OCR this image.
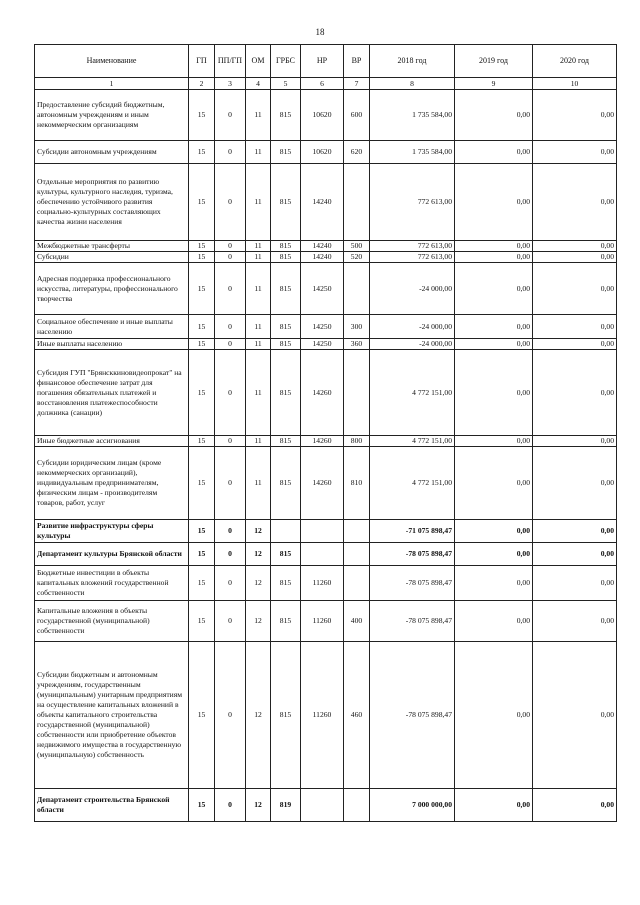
18
Наименование	ГП	ПП/ГП	ОМ	ГРБС	НР	ВР	2018 год	2019 год	2020 год
1	2	3	4	5	6	7	8	9	10
Предоставление субсидий бюджетным, автономным учреждениям и иным некоммерческим организациям	15	0	11	815	10620	600	1 735 584,00	0,00	0,00
Субсидии автономным учреждениям	15	0	11	815	10620	620	1 735 584,00	0,00	0,00
Отдельные мероприятия по развитию культуры, культурного наследия, туризма, обеспечению устойчивого развития социально-культурных составляющих качества жизни населения	15	0	11	815	14240		772 613,00	0,00	0,00
Межбюджетные трансферты	15	0	11	815	14240	500	772 613,00	0,00	0,00
Субсидии	15	0	11	815	14240	520	772 613,00	0,00	0,00
Адресная поддержка профессионального искусства, литературы, профессионального творчества	15	0	11	815	14250		-24 000,00	0,00	0,00
Социальное обеспечение и иные выплаты населению	15	0	11	815	14250	300	-24 000,00	0,00	0,00
Иные выплаты населению	15	0	11	815	14250	360	-24 000,00	0,00	0,00
Субсидия ГУП "Брянсккиновидеопрокат" на финансовое обеспечение затрат для погашения обязательных платежей и восстановления платежеспособности должника (санации)	15	0	11	815	14260		4 772 151,00	0,00	0,00
Иные бюджетные ассигнования	15	0	11	815	14260	800	4 772 151,00	0,00	0,00
Субсидии юридическим лицам (кроме некоммерческих организаций), индивидуальным предпринимателям, физическим лицам - производителям товаров, работ, услуг	15	0	11	815	14260	810	4 772 151,00	0,00	0,00
Развитие инфраструктуры сферы культуры	15	0	12				-71 075 898,47	0,00	0,00
Департамент культуры Брянской области	15	0	12	815			-78 075 898,47	0,00	0,00
Бюджетные инвестиции в объекты капитальных вложений государственной собственности	15	0	12	815	11260		-78 075 898,47	0,00	0,00
Капитальные вложения в объекты государственной (муниципальной) собственности	15	0	12	815	11260	400	-78 075 898,47	0,00	0,00
Субсидии бюджетным и автономным учреждениям, государственным (муниципальным) унитарным предприятиям на осуществление капитальных вложений в объекты капитального строительства государственной (муниципальной) собственности или приобретение объектов недвижимого имущества в государственную (муниципальную) собственность	15	0	12	815	11260	460	-78 075 898,47	0,00	0,00
Департамент строительства Брянской области	15	0	12	819			7 000 000,00	0,00	0,00
